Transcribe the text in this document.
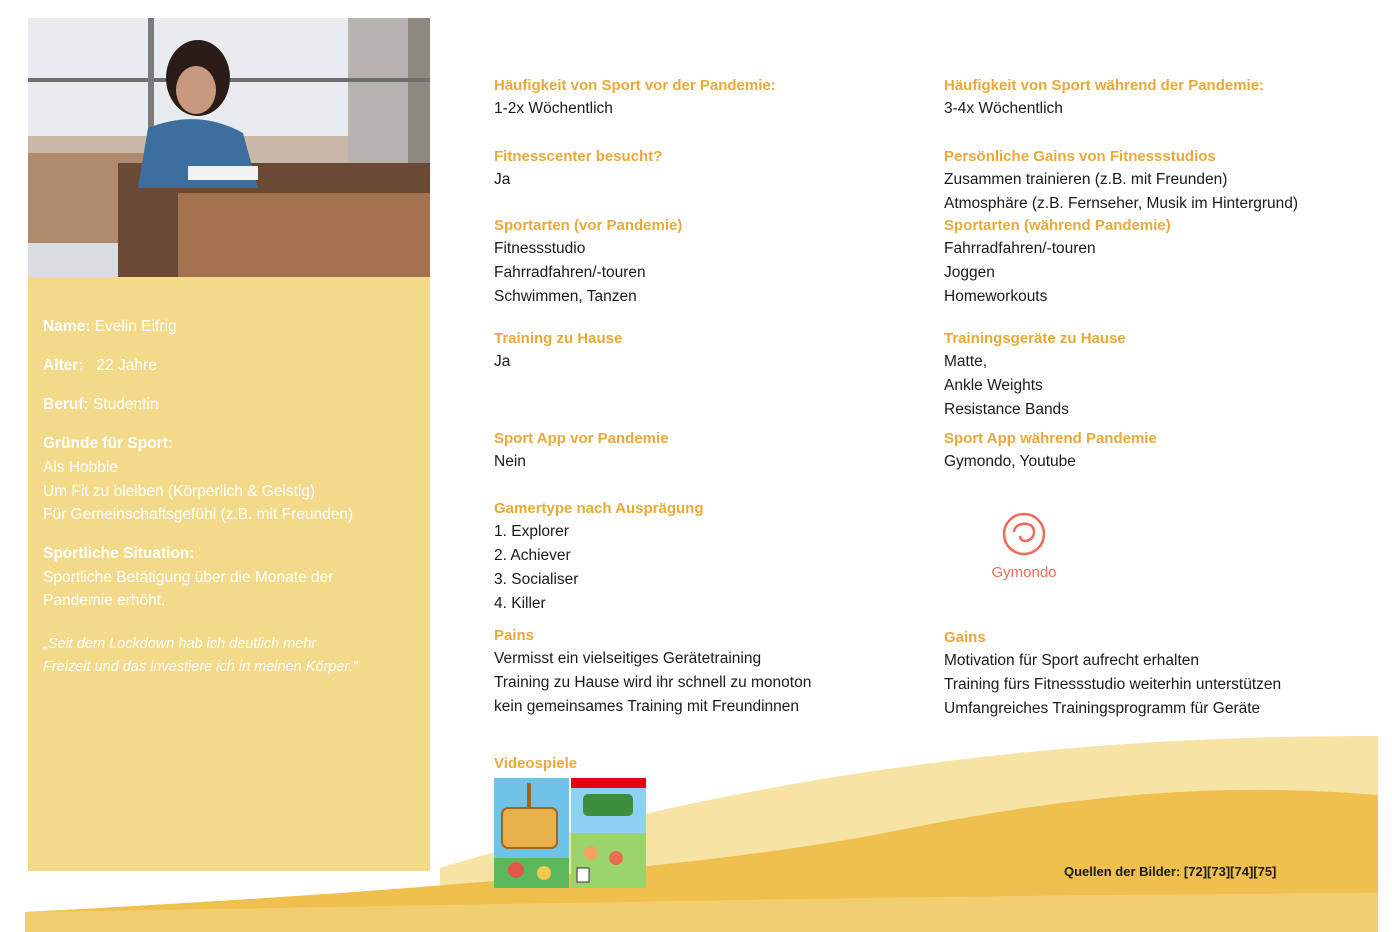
Name: Evelin Eifrig
Alter: 22 Jahre
Beruf: Studentin
Gründe für Sport:
Als Hobbie
Um Fit zu bleiben (Körperlich & Geistig)
Für Gemeinschaftsgefühl (z.B. mit Freunden)
Sportliche Situation:
Sportliche Betätigung über die Monate der
Pandemie erhöht.
„Seit dem Lockdown hab ich deutlich mehr
Freizeit und das investiere ich in meinen Körper."
Häufigkeit von Sport vor der Pandemie:
1-2x Wöchentlich
Fitnesscenter besucht?
Ja
Sportarten (vor Pandemie)
Fitnessstudio
Fahrradfahren/-touren
Schwimmen, Tanzen
Training zu Hause
Ja
Sport App vor Pandemie
Nein
Gamertype nach Ausprägung
1. Explorer
2. Achiever
3. Socialiser
4. Killer
Pains
Vermisst ein vielseitiges Gerätetraining
Training zu Hause wird ihr schnell zu monoton
kein gemeinsames Training mit Freundinnen
Videospiele
Häufigkeit von Sport während der Pandemie:
3-4x Wöchentlich
Persönliche Gains von Fitnessstudios
Zusammen trainieren (z.B. mit Freunden)
Atmosphäre (z.B. Fernseher, Musik im Hintergrund)
Sportarten (während Pandemie)
Fahrradfahren/-touren
Joggen
Homeworkouts
Trainingsgeräte zu Hause
Matte,
Ankle Weights
Resistance Bands
Sport App während Pandemie
Gymondo, Youtube
Gymondo
Gains
Motivation für Sport aufrecht erhalten
Training fürs Fitnessstudio weiterhin unterstützen
Umfangreiches Trainingsprogramm für Geräte
Quellen der Bilder: [72][73][74][75]
